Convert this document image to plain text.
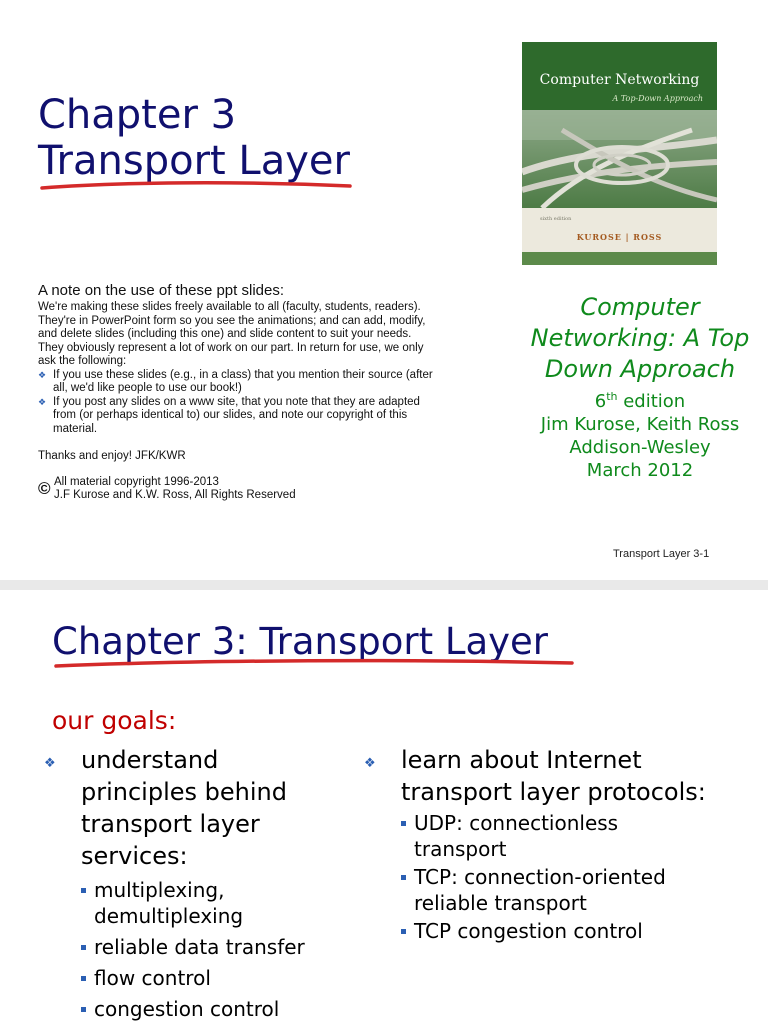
Chapter 3
Transport Layer
Computer Networking
A Top-Down Approach
sixth edition
KUROSE | ROSS
A note on the use of these ppt slides:

We're making these slides freely available to all (faculty, students, readers).
They're in PowerPoint form so you see the animations; and can add, modify,
and delete slides (including this one) and slide content to suit your needs.
They obviously represent a lot of work on our part. In return for use, we only
ask the following:

❖ If you use these slides (e.g., in a class) that you mention their source (after
all, we'd like people to use our book!)
❖ If you post any slides on a www site, that you note that they are adapted
from (or perhaps identical to) our slides, and note our copyright of this
material.
Thanks and enjoy! JFK/KWR
© All material copyright 1996-2013
J.F Kurose and K.W. Ross, All Rights Reserved
Computer
Networking: A Top
Down Approach
6th edition
Jim Kurose, Keith Ross
Addison-Wesley
March 2012
Transport Layer 3-1
Chapter 3: Transport Layer
our goals:
❖ understand
principles behind
transport layer
services:
multiplexing,
demultiplexing
reliable data transfer
flow control
congestion control
❖ learn about Internet
transport layer protocols:
UDP: connectionless
transport
TCP: connection-oriented
reliable transport
TCP congestion control
